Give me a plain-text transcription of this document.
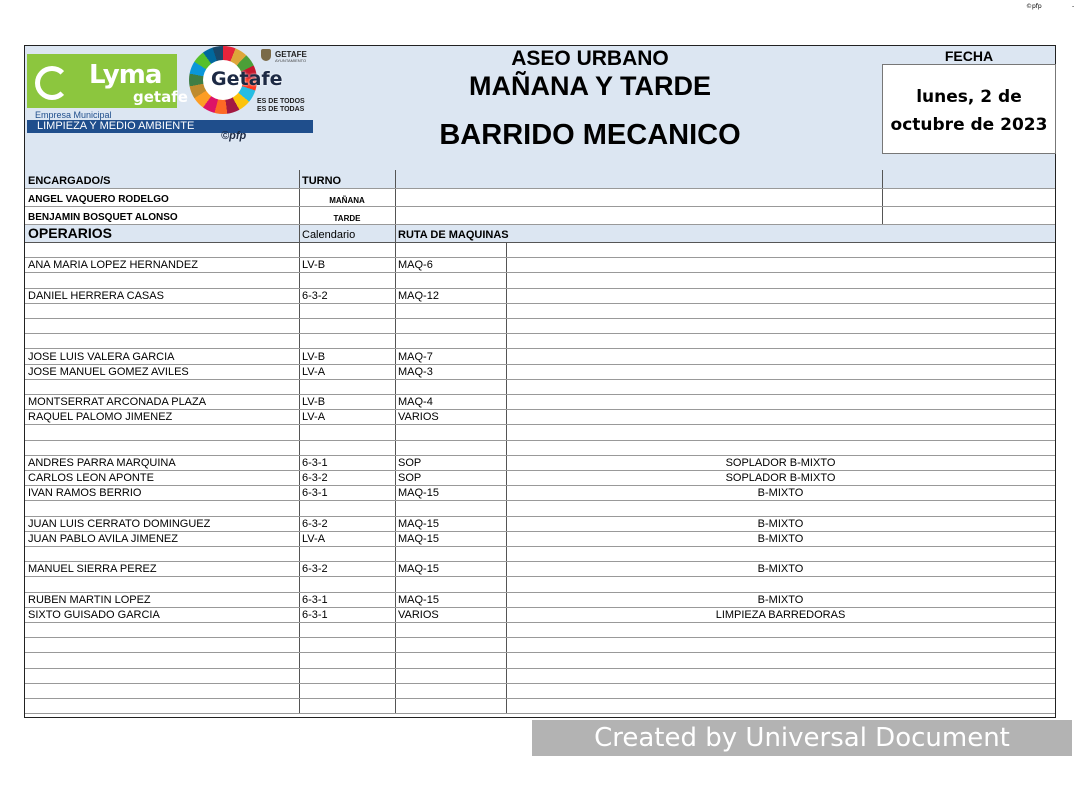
©pfp	-
Lyma
getafe
Getafe
GETAFE
AYUNTAMIENTO
ES DE TODOS
ES DE TODAS
Empresa Municipal
LIMPIEZA Y MEDIO AMBIENTE
©pfp
ASEO URBANO
MAÑANA Y TARDE
BARRIDO MECANICO
FECHA
lunes, 2 de
octubre de 2023
ENCARGADO/S	TURNO
ANGEL VAQUERO RODELGO	MAÑANA
BENJAMIN BOSQUET ALONSO	TARDE
OPERARIOS	Calendario	RUTA DE MAQUINAS
ANA MARIA LOPEZ HERNANDEZ	LV-B	MAQ-6
DANIEL HERRERA CASAS	6-3-2	MAQ-12
JOSE LUIS VALERA GARCIA	LV-B	MAQ-7
JOSE MANUEL GOMEZ AVILES	LV-A	MAQ-3
MONTSERRAT ARCONADA PLAZA	LV-B	MAQ-4
RAQUEL PALOMO JIMENEZ	LV-A	VARIOS
ANDRES PARRA MARQUINA	6-3-1	SOP	SOPLADOR B-MIXTO
CARLOS LEON APONTE	6-3-2	SOP	SOPLADOR B-MIXTO
IVAN RAMOS BERRIO	6-3-1	MAQ-15	B-MIXTO
JUAN LUIS CERRATO DOMINGUEZ	6-3-2	MAQ-15	B-MIXTO
JUAN PABLO AVILA JIMENEZ	LV-A	MAQ-15	B-MIXTO
MANUEL SIERRA PEREZ	6-3-2	MAQ-15	B-MIXTO
RUBEN MARTIN LOPEZ	6-3-1	MAQ-15	B-MIXTO
SIXTO GUISADO GARCIA	6-3-1	VARIOS	LIMPIEZA BARREDORAS
Created by Universal Document Converter
